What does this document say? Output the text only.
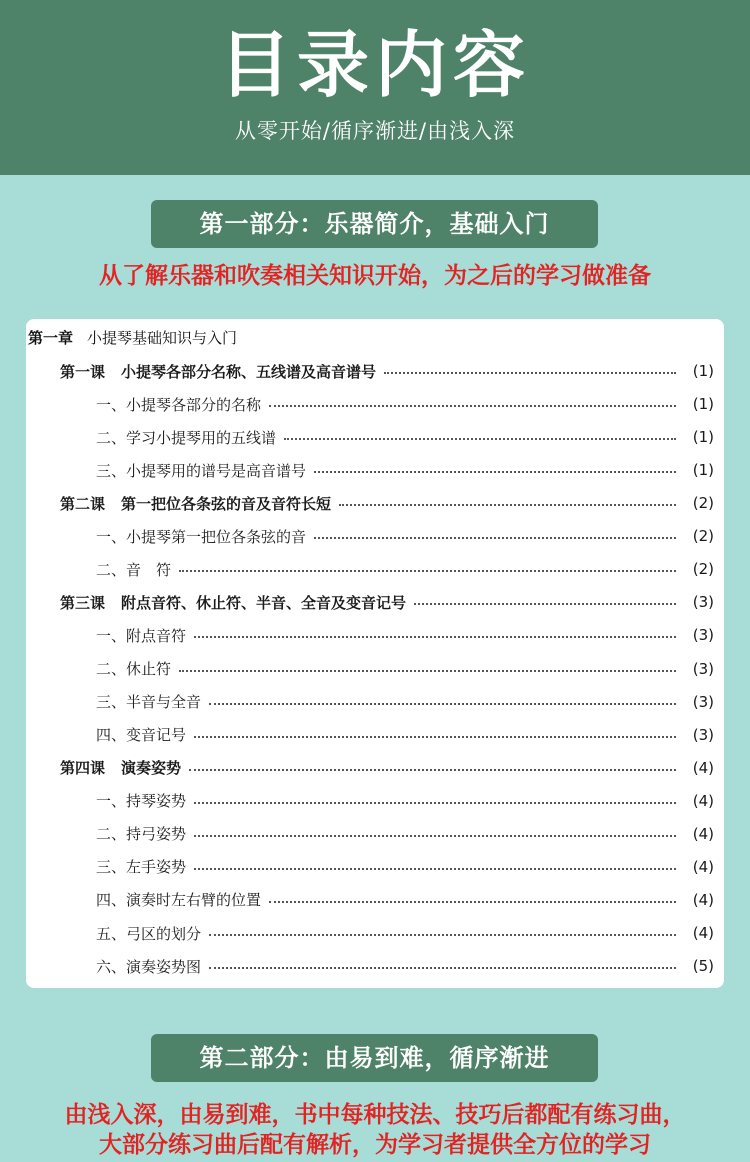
目录内容
从零开始/循序渐进/由浅入深
第一部分：乐器简介，基础入门
从了解乐器和吹奏相关知识开始，为之后的学习做准备
第一章 小提琴基础知识与入门
第一课 小提琴各部分名称、五线谱及高音谱号	(1)
一、小提琴各部分的名称	(1)
二、学习小提琴用的五线谱	(1)
三、小提琴用的谱号是高音谱号	(1)
第二课 第一把位各条弦的音及音符长短	(2)
一、小提琴第一把位各条弦的音	(2)
二、音　符	(2)
第三课 附点音符、休止符、半音、全音及变音记号	(3)
一、附点音符	(3)
二、休止符	(3)
三、半音与全音	(3)
四、变音记号	(3)
第四课 演奏姿势	(4)
一、持琴姿势	(4)
二、持弓姿势	(4)
三、左手姿势	(4)
四、演奏时左右臂的位置	(4)
五、弓区的划分	(4)
六、演奏姿势图	(5)
第二部分：由易到难，循序渐进
由浅入深，由易到难，书中每种技法、技巧后都配有练习曲，
大部分练习曲后配有解析，为学习者提供全方位的学习
